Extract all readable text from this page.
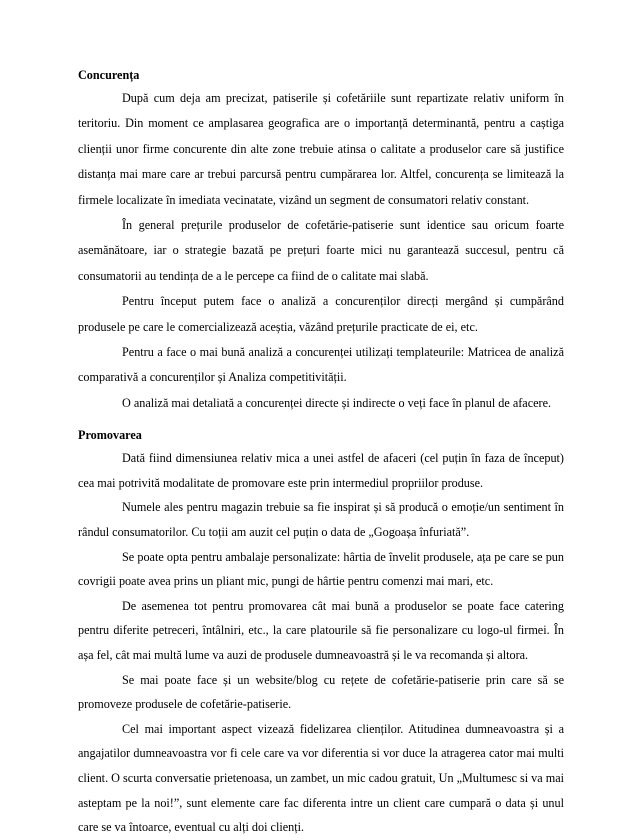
Concurența

După cum deja am precizat, patiserile și cofetăriile sunt repartizate relativ uniform în teritoriu. Din moment ce amplasarea geografica are o importanță determinantă, pentru a caștiga clienții unor firme concurente din alte zone trebuie atinsa o calitate a produselor care să justifice distanța mai mare care ar trebui parcursă pentru cumpărarea lor. Altfel, concurența se limitează la firmele localizate în imediata vecinatate, vizând un segment de consumatori relativ constant.

În general prețurile produselor de cofetărie-patiserie sunt identice sau oricum foarte asemănătoare, iar o strategie bazată pe prețuri foarte mici nu garantează succesul, pentru că consumatorii au tendința de a le percepe ca fiind de o calitate mai slabă.

Pentru început putem face o analiză a concurenților direcți mergând și cumpărând produsele pe care le comercializează aceștia, văzând prețurile practicate de ei, etc.

Pentru a face o mai bună analiză a concurenței utilizați templateurile: Matricea de analiză comparativă a concurenților și Analiza competitivității.

O analiză mai detaliată a concurenței directe și indirecte o veți face în planul de afacere.

Promovarea

Dată fiind dimensiunea relativ mica a unei astfel de afaceri (cel puțin în faza de început) cea mai potrivită modalitate de promovare este prin intermediul propriilor produse.

Numele ales pentru magazin trebuie sa fie inspirat și să producă o emoție/un sentiment în rândul consumatorilor. Cu toții am auzit cel puțin o data de „Gogoașa înfuriată”.

Se poate opta pentru ambalaje personalizate: hârtia de învelit produsele, ața pe care se pun covrigii poate avea prins un pliant mic, pungi de hârtie pentru comenzi mai mari, etc.

De asemenea tot pentru promovarea cât mai bună a produselor se poate face catering pentru diferite petreceri, întâlniri, etc., la care platourile să fie personalizare cu logo-ul firmei. În așa fel, cât mai multă lume va auzi de produsele dumneavoastră și le va recomanda și altora.

Se mai poate face și un website/blog cu rețete de cofetărie-patiserie prin care să se promoveze produsele de cofetărie-patiserie.

Cel mai important aspect vizează fidelizarea clienților. Atitudinea dumneavoastra și a angajatilor dumneavoastra vor fi cele care va vor diferentia si vor duce la atragerea cator mai multi client. O scurta conversatie prietenoasa, un zambet, un mic cadou gratuit, Un „Multumesc si va mai asteptam pe la noi!”, sunt elemente care fac diferenta intre un client care cumpară o data și unul care se va întoarce, eventual cu alți doi clienți.
